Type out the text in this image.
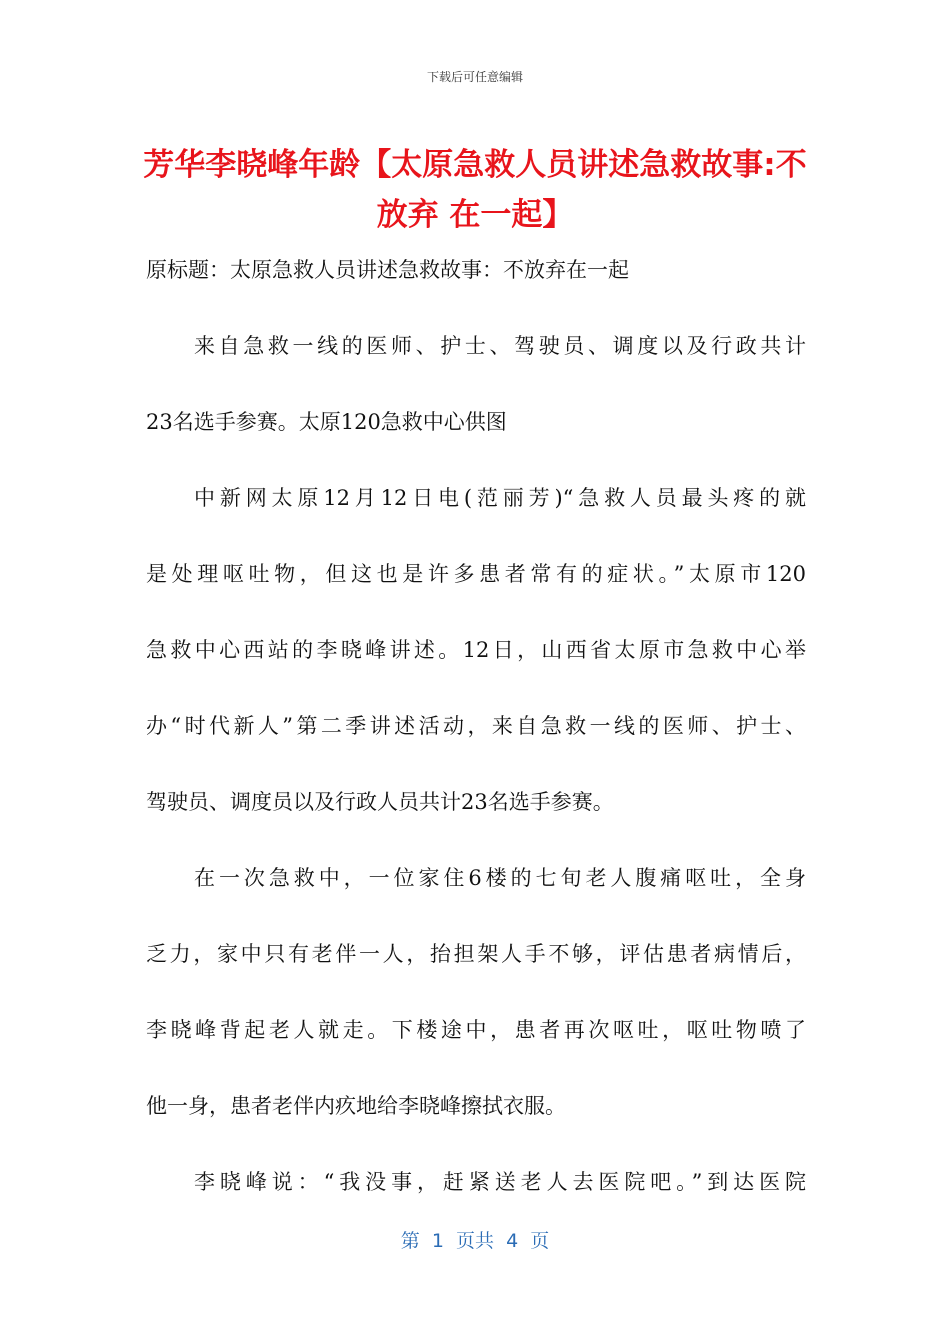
下载后可任意编辑
芳华李晓峰年龄【太原急救人员讲述急救故事:不放弃 在一起】
原标题：太原急救人员讲述急救故事：不放弃在一起
来自急救一线的医师、护士、驾驶员、调度以及行政共计
23名选手参赛。太原120急救中心供图
中新网太原12月12日电(范丽芳)“急救人员最头疼的就
是处理呕吐物，但这也是许多患者常有的症状。”太原市120
急救中心西站的李晓峰讲述。12日，山西省太原市急救中心举
办“时代新人”第二季讲述活动，来自急救一线的医师、护士、
驾驶员、调度员以及行政人员共计23名选手参赛。
在一次急救中，一位家住6楼的七旬老人腹痛呕吐，全身
乏力，家中只有老伴一人，抬担架人手不够，评估患者病情后，
李晓峰背起老人就走。下楼途中，患者再次呕吐，呕吐物喷了
他一身，患者老伴内疚地给李晓峰擦拭衣服。
李晓峰说：“我没事，赶紧送老人去医院吧。”到达医院
第  1  页共  4  页
